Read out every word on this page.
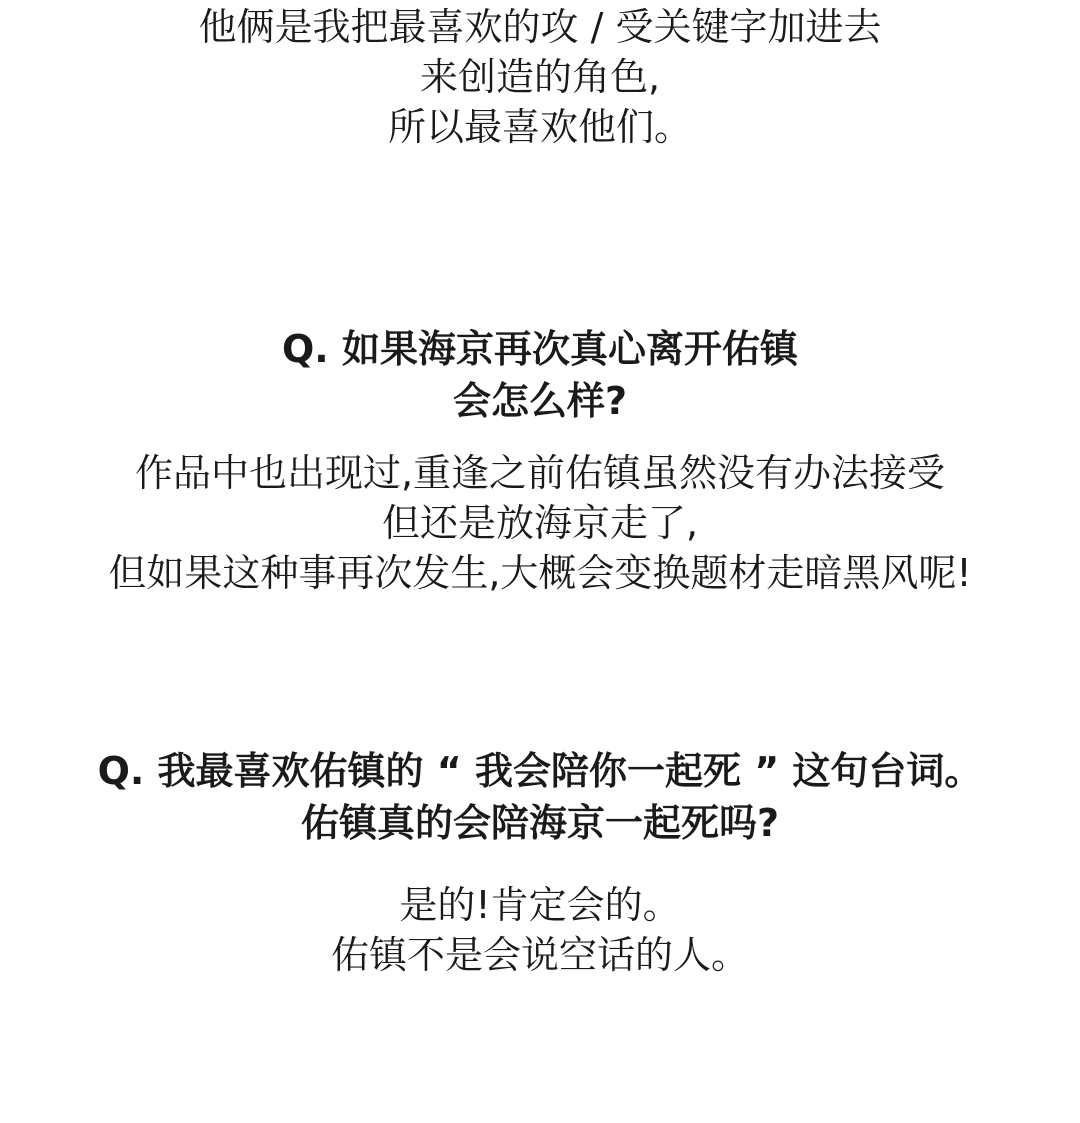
他俩是我把最喜欢的攻 / 受关键字加进去
来创造的角色,
所以最喜欢他们。
Q. 如果海京再次真心离开佑镇
会怎么样?
作品中也出现过,重逢之前佑镇虽然没有办法接受
但还是放海京走了,
但如果这种事再次发生,大概会变换题材走暗黑风呢!
Q. 我最喜欢佑镇的 “ 我会陪你一起死 ” 这句台词。
佑镇真的会陪海京一起死吗?
是的!肯定会的。
佑镇不是会说空话的人。
